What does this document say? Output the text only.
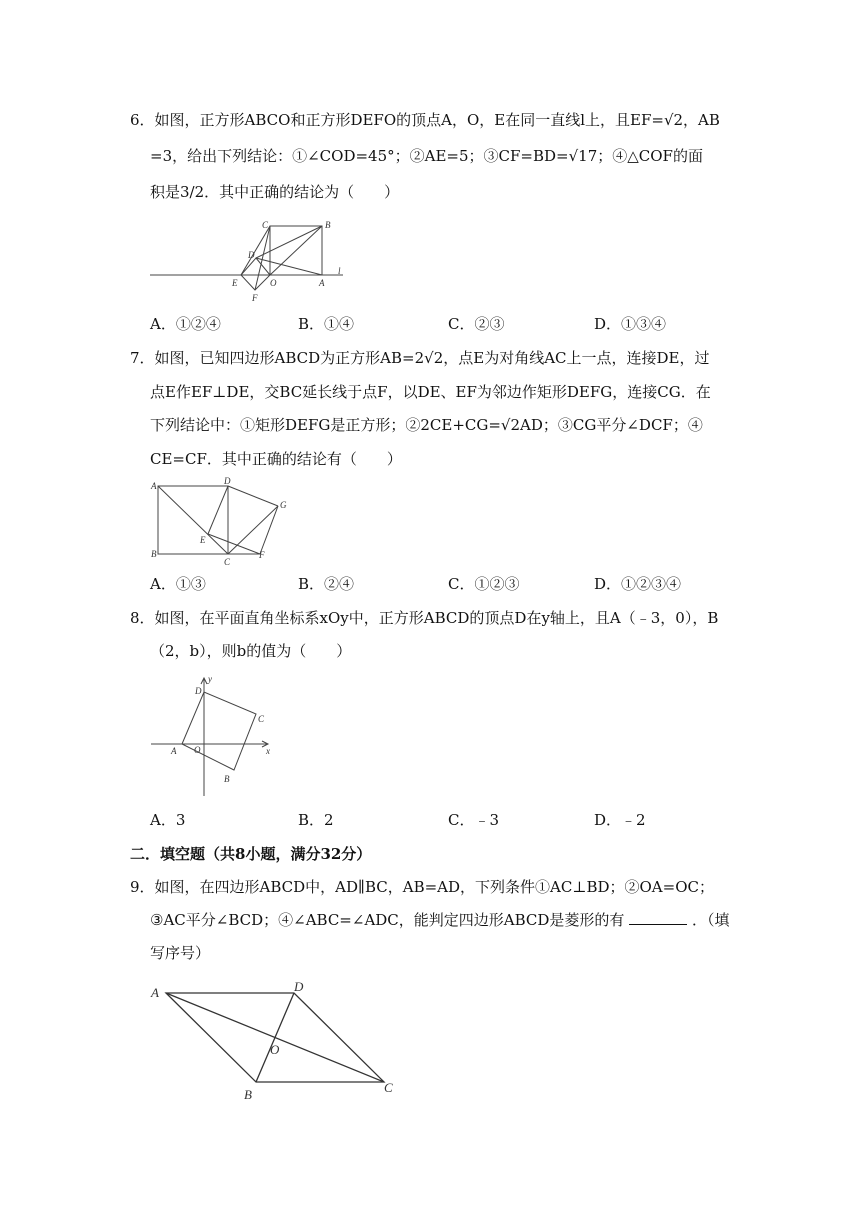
6．如图，正方形ABCO和正方形DEFO的顶点A，O，E在同一直线l上，且EF=√2，AB
=3，给出下列结论：①∠COD=45°；②AE=5；③CF=BD=√17；④△COF的面
积是3/2．其中正确的结论为（　　）
C	B
D
E	O	A
F
l
A．①②④	B．①④	C．②③	D．①③④
7．如图，已知四边形ABCD为正方形AB=2√2，点E为对角线AC上一点，连接DE，过
点E作EF⊥DE，交BC延长线于点F，以DE、EF为邻边作矩形DEFG，连接CG．在
下列结论中：①矩形DEFG是正方形；②2CE+CG=√2AD；③CG平分∠DCF；④
CE=CF．其中正确的结论有（　　）
A	D
G
E
B
C
F
A．①③	B．②④	C．①②③	D．①②③④
8．如图，在平面直角坐标系xOy中，正方形ABCD的顶点D在y轴上，且A（﹣3，0），B
（2，b），则b的值为（　　）
y
x
D
C
A O
B
A．3	B．2	C．﹣3	D．﹣2
二．填空题（共8小题，满分32分）
9．如图，在四边形ABCD中，AD∥BC，AB=AD，下列条件①AC⊥BD；②OA=OC；
③AC平分∠BCD；④∠ABC=∠ADC，能判定四边形ABCD是菱形的有	．（填
写序号）
A	D
O
B	C
